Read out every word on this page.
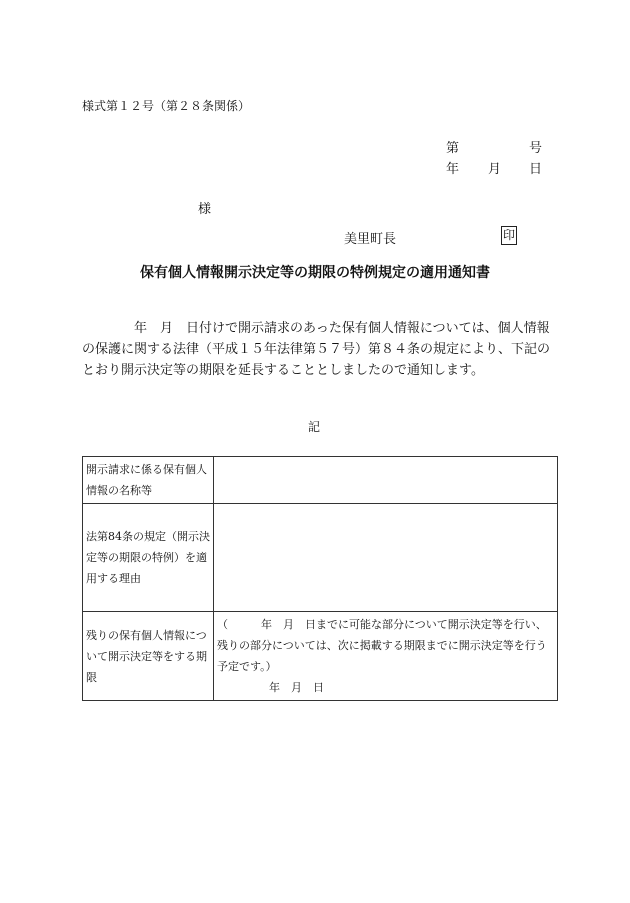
様式第１２号（第２８条関係）
第	号
年 月 日
様
美里町長	印
保有個人情報開示決定等の期限の特例規定の適用通知書
　　　　年　月　日付けで開示請求のあった保有個人情報については、個人情報の保護に関する法律（平成１５年法律第５７号）第８４条の規定により、下記のとおり開示決定等の期限を延長することとしましたので通知します。
記
開示請求に係る保有個人情報の名称等	
法第84条の規定（開示決定等の期限の特例）を適用する理由	
残りの保有個人情報について開示決定等をする期限	（　　　年　月　日までに可能な部分について開示決定等を行い、残りの部分については、次に掲載する期限までに開示決定等を行う予定です。）
年　月　日
